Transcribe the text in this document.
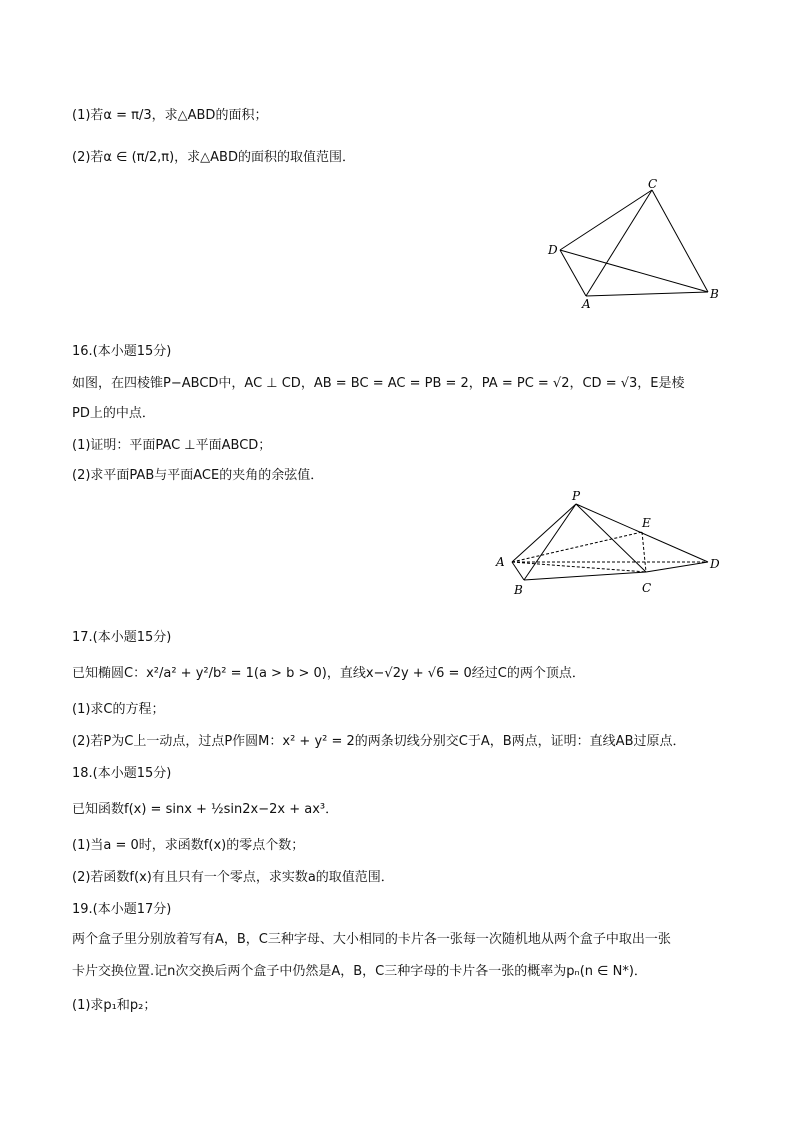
(1)若α = π/3，求△ABD的面积；
(2)若α ∈ (π/2,π)，求△ABD的面积的取值范围．
C
D
A
B
16.(本小题15分)
如图，在四棱锥P−ABCD中，AC ⊥ CD，AB = BC = AC = PB = 2，PA = PC = √2，CD = √3，E是棱
PD上的中点．
(1)证明：平面PAC ⊥平面ABCD；
(2)求平面PAB与平面ACE的夹角的余弦值．
P
E
A
B	C
D
17.(本小题15分)
已知椭圆C：x²/a² + y²/b² = 1(a > b > 0)，直线x−√2y + √6 = 0经过C的两个顶点．
(1)求C的方程；
(2)若P为C上一动点，过点P作圆M：x² + y² = 2的两条切线分别交C于A，B两点，证明：直线AB过原点．
18.(本小题15分)
已知函数f(x) = sinx + ½sin2x−2x + ax³．
(1)当a = 0时，求函数f(x)的零点个数；
(2)若函数f(x)有且只有一个零点，求实数a的取值范围．
19.(本小题17分)
两个盒子里分别放着写有A，B，C三种字母、大小相同的卡片各一张每一次随机地从两个盒子中取出一张
卡片交换位置.记n次交换后两个盒子中仍然是A，B，C三种字母的卡片各一张的概率为pₙ(n ∈ N*)．
(1)求p₁和p₂；
